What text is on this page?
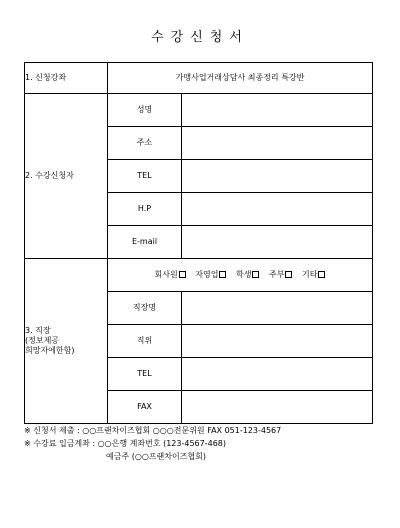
수강신청서
1. 신청강좌	가맹사업거래상담사 최종정리 특강반	
2. 수강신청자	성명	
	주소	
	TEL	
	H.P	
	E-mail	

3. 직장
(정보제공
희망자에한함)	회사원 자영업 학생 주부 기타	
	직장명	
	직위	
	TEL	
	FAX	
※ 신청서 제출 : ○○프랜차이즈협회 ○○○전문위원 FAX 051-123-4567
※ 수강료 입금계좌 : ○○은행 계좌번호 (123-4567-468)
예금주 (○○프랜차이즈협회)
